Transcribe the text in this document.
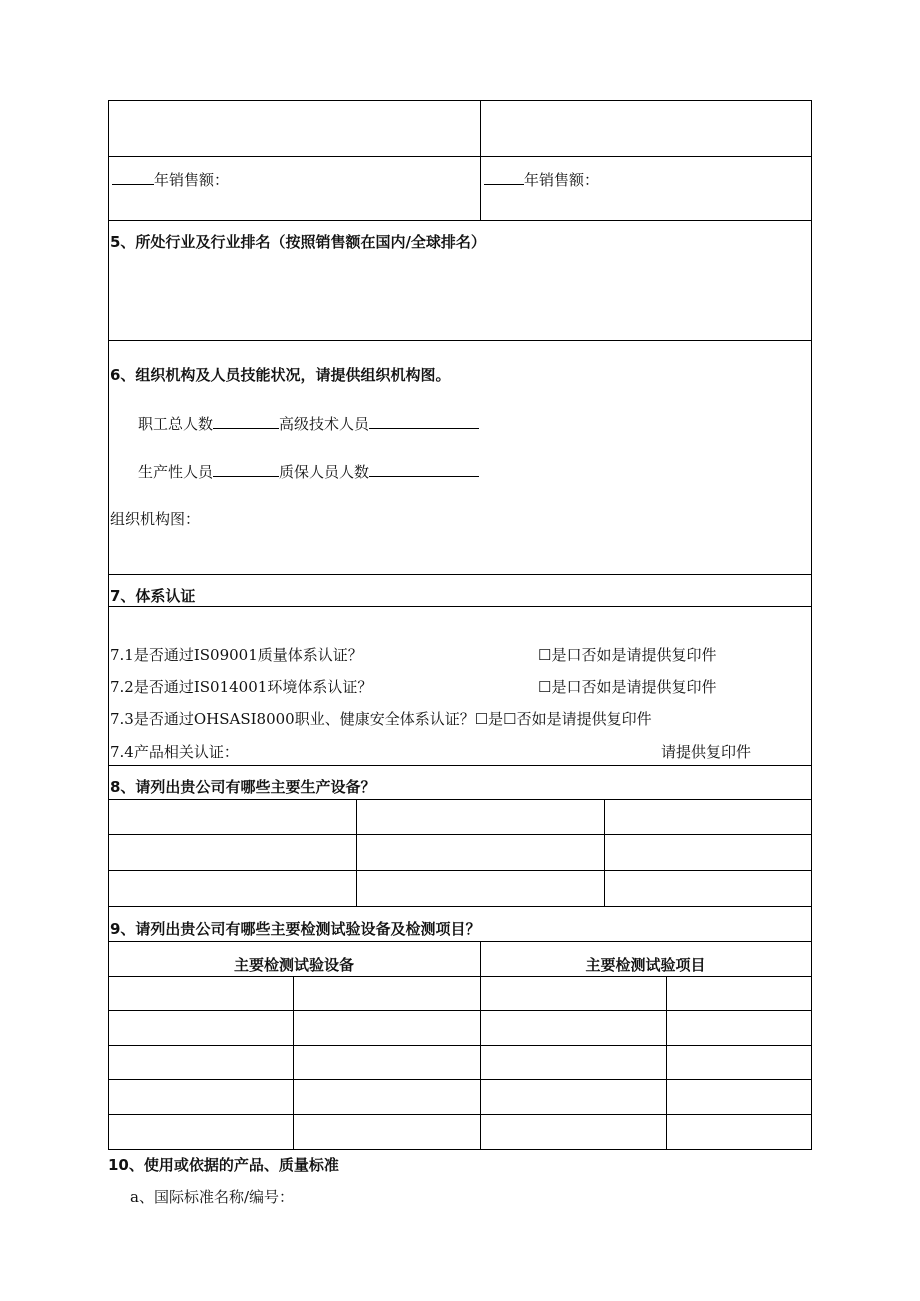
年销售额：	年销售额：
5、所处行业及行业排名（按照销售额在国内/全球排名）
6、组织机构及人员技能状况，请提供组织机构图。
职工总人数	高级技术人员
生产性人员	质保人员人数
组织机构图：
7、体系认证
7.1是否通过IS09001质量体系认证？	☐是口否如是请提供复印件
7.2是否通过IS014001环境体系认证？	☐是口否如是请提供复印件
7.3是否通过OHSASI8000职业、健康安全体系认证？☐是☐否如是请提供复印件
7.4产品相关认证：	请提供复印件
8、请列出贵公司有哪些主要生产设备？
9、请列出贵公司有哪些主要检测试验设备及检测项目？
主要检测试验设备	主要检测试验项目
10、使用或依据的产品、质量标准
a、国际标准名称/编号：
